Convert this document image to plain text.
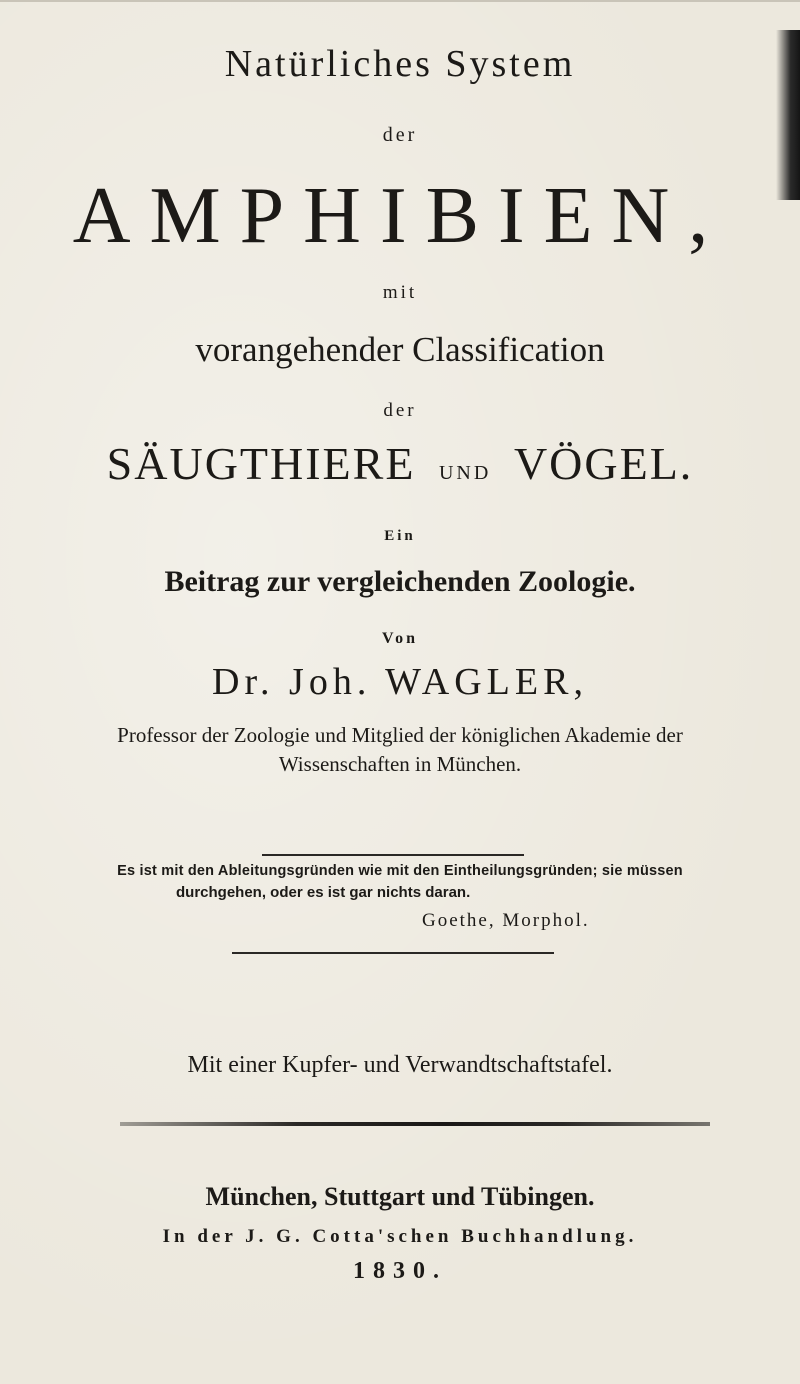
Natürliches System
der
AMPHIBIEN,
mit
vorangehender Classification
der
SÄUGTHIERE UND VÖGEL.
Ein
Beitrag zur vergleichenden Zoologie.
Von
Dr. Joh. WAGLER,
Professor der Zoologie und Mitglied der königlichen Akademie der
Wissenschaften in München.
Es ist mit den Ableitungsgründen wie mit den Eintheilungsgründen; sie müssen
durchgehen, oder es ist gar nichts daran.
Goethe, Morphol.
Mit einer Kupfer- und Verwandtschaftstafel.
München, Stuttgart und Tübingen.
In der J. G. Cotta'schen Buchhandlung.
1830.
